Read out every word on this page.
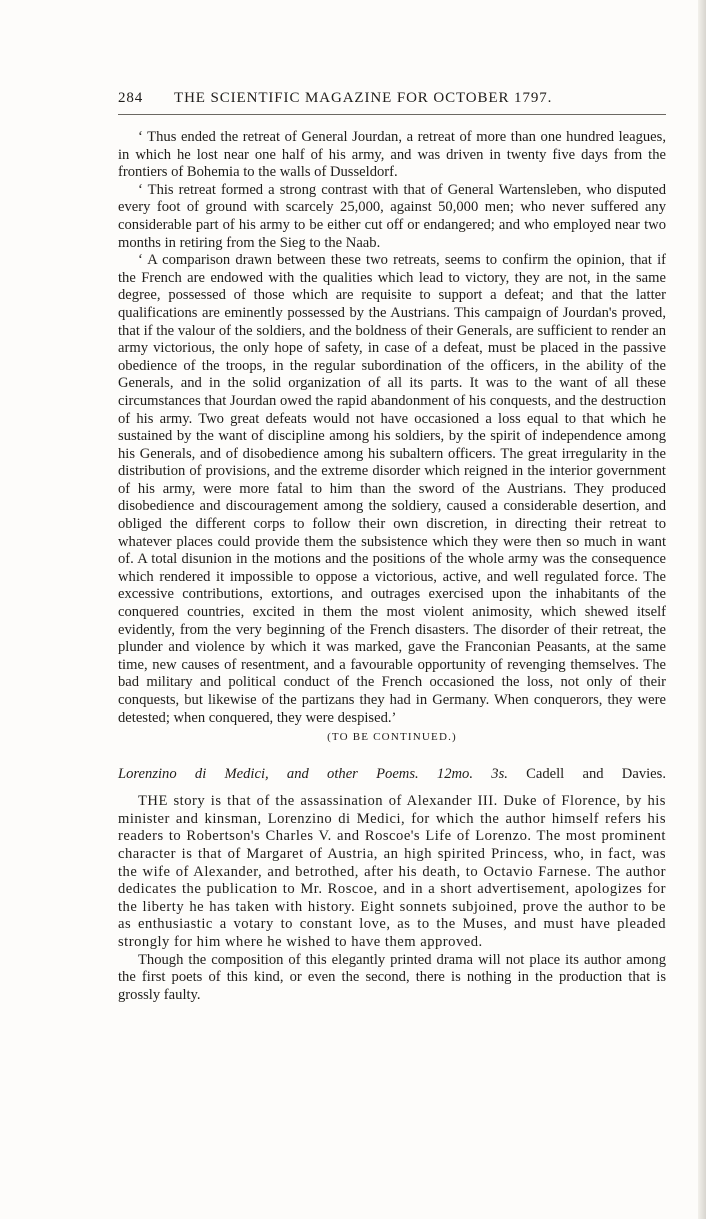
284 THE SCIENTIFIC MAGAZINE FOR OCTOBER 1797.

‘ Thus ended the retreat of General Jourdan, a retreat of more than one hundred leagues, in which he lost near one half of his army, and was driven in twenty five days from the frontiers of Bohemia to the walls of Dusseldorf.

‘ This retreat formed a strong contrast with that of General Wartensleben, who disputed every foot of ground with scarcely 25,000, against 50,000 men; who never suffered any considerable part of his army to be either cut off or endangered; and who employed near two months in retiring from the Sieg to the Naab.

‘ A comparison drawn between these two retreats, seems to confirm the opinion, that if the French are endowed with the qualities which lead to victory, they are not, in the same degree, possessed of those which are requisite to support a defeat; and that the latter qualifications are eminently possessed by the Austrians. This campaign of Jourdan's proved, that if the valour of the soldiers, and the boldness of their Generals, are sufficient to render an army victorious, the only hope of safety, in case of a defeat, must be placed in the passive obedience of the troops, in the regular subordination of the officers, in the ability of the Generals, and in the solid organization of all its parts. It was to the want of all these circumstances that Jourdan owed the rapid abandonment of his conquests, and the destruction of his army. Two great defeats would not have occasioned a loss equal to that which he sustained by the want of discipline among his soldiers, by the spirit of independence among his Generals, and of disobedience among his subaltern officers. The great irregularity in the distribution of provisions, and the extreme disorder which reigned in the interior government of his army, were more fatal to him than the sword of the Austrians. They produced disobedience and discouragement among the soldiery, caused a considerable desertion, and obliged the different corps to follow their own discretion, in directing their retreat to whatever places could provide them the subsistence which they were then so much in want of. A total disunion in the motions and the positions of the whole army was the consequence which rendered it impossible to oppose a victorious, active, and well regulated force. The excessive contributions, extortions, and outrages exercised upon the inhabitants of the conquered countries, excited in them the most violent animosity, which shewed itself evidently, from the very beginning of the French disasters. The disorder of their retreat, the plunder and violence by which it was marked, gave the Franconian Peasants, at the same time, new causes of resentment, and a favourable opportunity of revenging themselves. The bad military and political conduct of the French occasioned the loss, not only of their conquests, but likewise of the partizans they had in Germany. When conquerors, they were detested; when conquered, they were despised.’

(TO BE CONTINUED.)
Lorenzino di Medici, and other Poems. 12mo. 3s. Cadell and Davies.

THE story is that of the assassination of Alexander III. Duke of Florence, by his minister and kinsman, Lorenzino di Medici, for which the author himself refers his readers to Robertson's Charles V. and Roscoe's Life of Lorenzo. The most prominent character is that of Margaret of Austria, an high spirited Princess, who, in fact, was the wife of Alexander, and betrothed, after his death, to Octavio Farnese. The author dedicates the publication to Mr. Roscoe, and in a short advertisement, apologizes for the liberty he has taken with history. Eight sonnets subjoined, prove the author to be as enthusiastic a votary to constant love, as to the Muses, and must have pleaded strongly for him where he wished to have them approved.

Though the composition of this elegantly printed drama will not place its author among the first poets of this kind, or even the second, there is nothing in the production that is grossly faulty.
